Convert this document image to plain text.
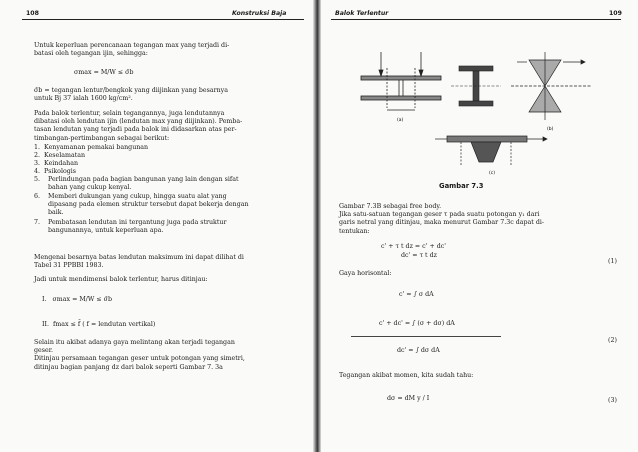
108	Konstruksi Baja
Untuk keperluan perencanaan tegangan max yang terjadi di-
batasi oleh tegangan ijin, sehingga:
σmax = M/W ≤ σ̄b
σ̄b = tegangan lentur/bengkok yang diijinkan yang besarnya
untuk Bj 37 ialah 1600 kg/cm².
Pada balok terlentur, selain tegangannya, juga lendutannya
dibatasi oleh lendutan ijin (lendutan max yang diijinkan). Pemba-
tasan lendutan yang terjadi pada balok ini didasarkan atas per-
timbangan-pertimbangan sebagai berikut:
1. Kenyamanan pemakai bangunan
2. Keselamatan
3. Keindahan
4. Psikologis
5. Perlindungan pada bagian bangunan yang lain dengan sifat
bahan yang cukup kenyal.
6. Memberi dukungan yang cukup, hingga suatu alat yang
dipasang pada elemen struktur tersebut dapat bekerja dengan
baik.
7. Pembatasan lendutan ini tergantung juga pada struktur
bangunannya, untuk keperluan apa.
Mengenai besarnya batas lendutan maksimum ini dapat dilihat di
Tabel 31 PPBBI 1983.
Jadi untuk mendimensi balok terlentur, harus ditinjau:
I.   σmax = M/W ≤ σ̄b
II.  fmax ≤ f̄ ( f = lendutan vertikal)
Selain itu akibat adanya gaya melintang akan terjadi tegangan
geser.
Ditinjau persamaan tegangan geser untuk potongan yang simetri,
ditinjau bagian panjang dz dari balok seperti Gambar 7. 3a
Balok Terlentur	109
(a)
(b)
(c)
Gambar 7.3
Gambar 7.3B sebagai free body.
Jika satu-satuan tegangan geser τ pada suatu potongan y₁ dari
garis netral yang ditinjau, maka menurut Gambar 7.3c dapat di-
tentukan:
c' + τ t dz = c' + dc'
dc' = τ t dz
(1)
Gaya horisontal:
c' = ∫ σ dA
c' + dc' = ∫ (σ + dσ) dA
dc' = ∫ dσ dA
(2)
Tegangan akibat momen, kita sudah tahu:
dσ = dM y / I	(3)
